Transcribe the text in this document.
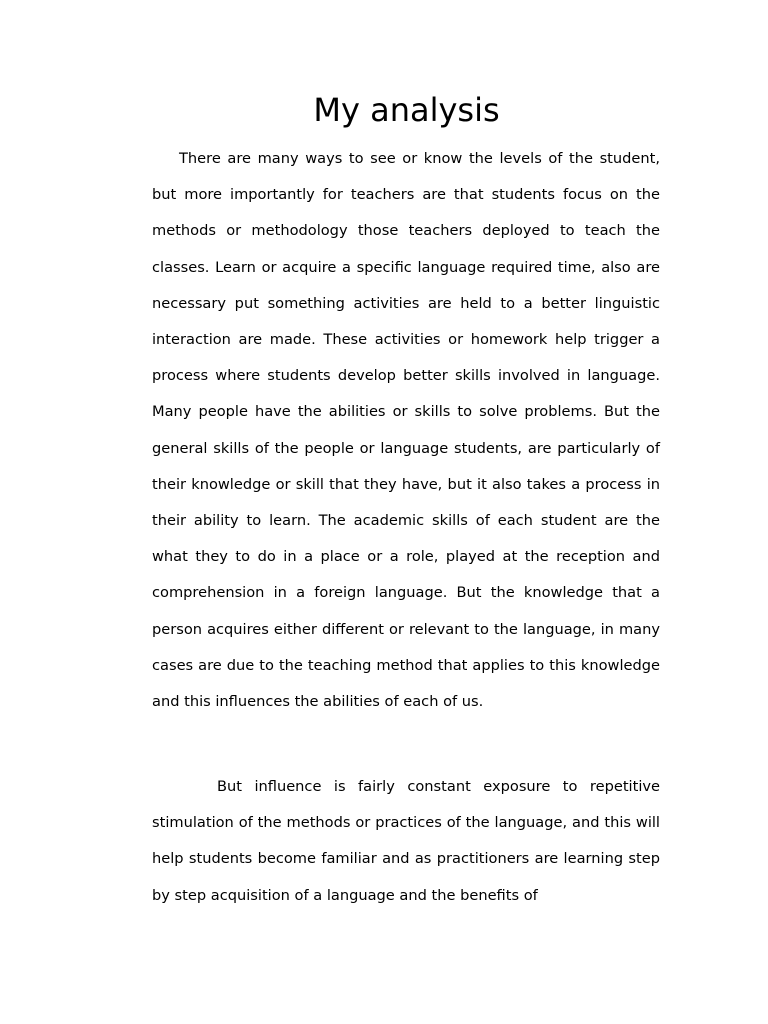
My analysis

There are many ways to see or know the levels of the student, but more importantly for teachers are that students focus on the methods or methodology those teachers deployed to teach the classes. Learn or acquire a specific language required time, also are necessary put something activities are held to a better linguistic interaction are made. These activities or homework help trigger a process where students develop better skills involved in language. Many people have the abilities or skills to solve problems. But the general skills of the people or language students, are particularly of their knowledge or skill that they have, but it also takes a process in their ability to learn. The academic skills of each student are the what they to do in a place or a role, played at the reception and comprehension in a foreign language. But the knowledge that a person acquires either different or relevant to the language, in many cases are due to the teaching method that applies to this knowledge and this influences the abilities of each of us.

But influence is fairly constant exposure to repetitive stimulation of the methods or practices of the language, and this will help students become familiar and as practitioners are learning step by step acquisition of a language and the benefits of
